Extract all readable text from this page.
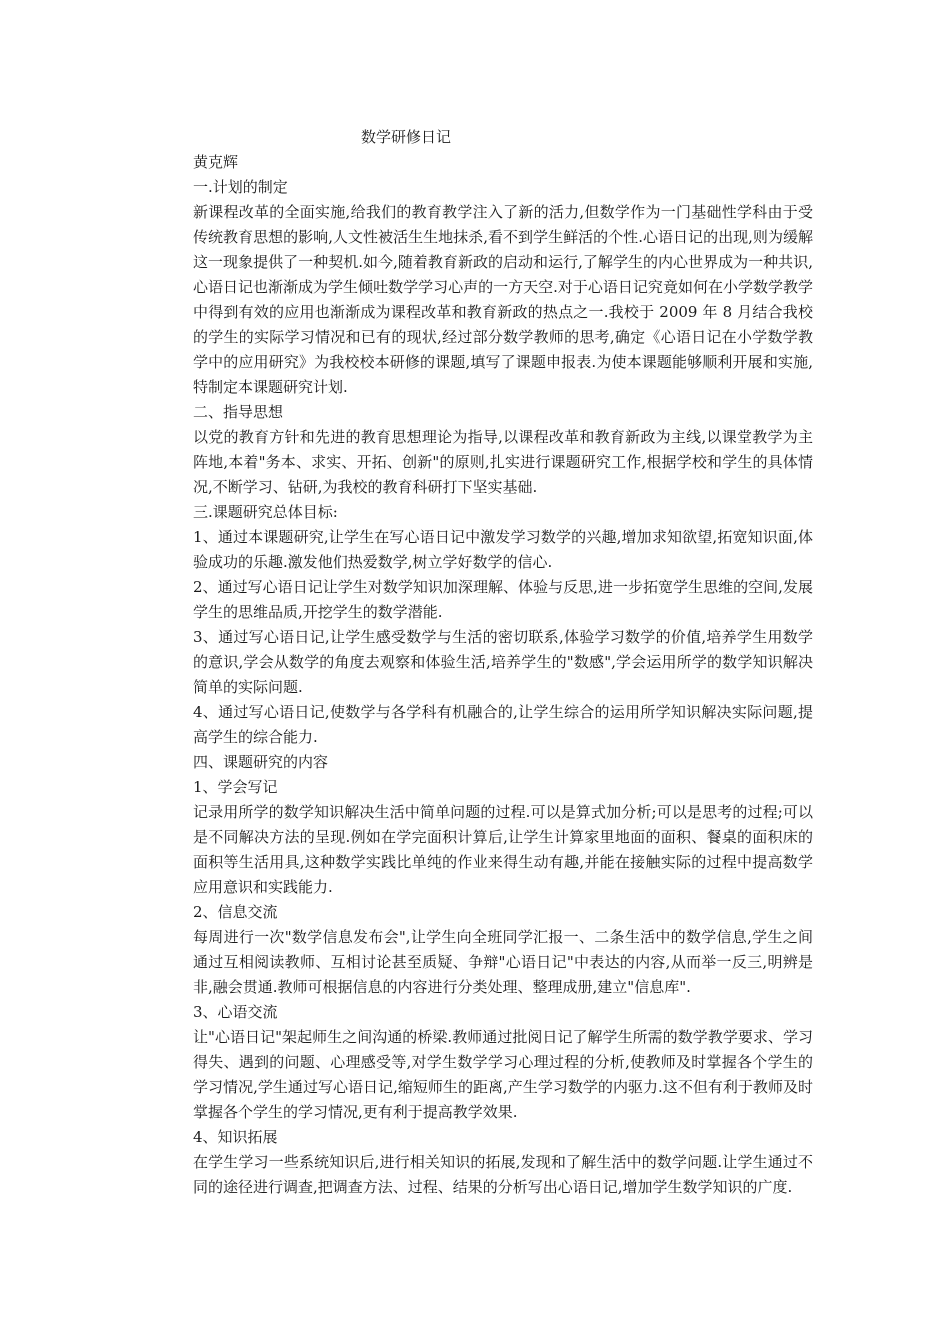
数学研修日记

黄克辉

一.计划的制定

新课程改革的全面实施,给我们的教育教学注入了新的活力,但数学作为一门基础性学科由于受传统教育思想的影响,人文性被活生生地抹杀,看不到学生鲜活的个性.心语日记的出现,则为缓解这一现象提供了一种契机.如今,随着教育新政的启动和运行,了解学生的内心世界成为一种共识,心语日记也渐渐成为学生倾吐数学学习心声的一方天空.对于心语日记究竟如何在小学数学教学中得到有效的应用也渐渐成为课程改革和教育新政的热点之一.我校于 2009 年 8 月结合我校的学生的实际学习情况和已有的现状,经过部分数学教师的思考,确定《心语日记在小学数学教学中的应用研究》为我校校本研修的课题,填写了课题申报表.为使本课题能够顺利开展和实施,特制定本课题研究计划.

二、指导思想

以党的教育方针和先进的教育思想理论为指导,以课程改革和教育新政为主线,以课堂教学为主阵地,本着"务本、求实、开拓、创新"的原则,扎实进行课题研究工作,根据学校和学生的具体情况,不断学习、钻研,为我校的教育科研打下坚实基础.

三.课题研究总体目标:

1、通过本课题研究,让学生在写心语日记中激发学习数学的兴趣,增加求知欲望,拓宽知识面,体验成功的乐趣.激发他们热爱数学,树立学好数学的信心.

2、通过写心语日记让学生对数学知识加深理解、体验与反思,进一步拓宽学生思维的空间,发展学生的思维品质,开挖学生的数学潜能.

3、通过写心语日记,让学生感受数学与生活的密切联系,体验学习数学的价值,培养学生用数学的意识,学会从数学的角度去观察和体验生活,培养学生的"数感",学会运用所学的数学知识解决简单的实际问题.

4、通过写心语日记,使数学与各学科有机融合的,让学生综合的运用所学知识解决实际问题,提高学生的综合能力.

四、课题研究的内容

1、学会写记

记录用所学的数学知识解决生活中简单问题的过程.可以是算式加分析;可以是思考的过程;可以是不同解决方法的呈现.例如在学完面积计算后,让学生计算家里地面的面积、餐桌的面积床的面积等生活用具,这种数学实践比单纯的作业来得生动有趣,并能在接触实际的过程中提高数学应用意识和实践能力.

2、信息交流

每周进行一次"数学信息发布会",让学生向全班同学汇报一、二条生活中的数学信息,学生之间通过互相阅读教师、互相讨论甚至质疑、争辩"心语日记"中表达的内容,从而举一反三,明辨是非,融会贯通.教师可根据信息的内容进行分类处理、整理成册,建立"信息库".

3、心语交流

让"心语日记"架起师生之间沟通的桥梁.教师通过批阅日记了解学生所需的数学教学要求、学习得失、遇到的问题、心理感受等,对学生数学学习心理过程的分析,使教师及时掌握各个学生的学习情况,学生通过写心语日记,缩短师生的距离,产生学习数学的内驱力.这不但有利于教师及时掌握各个学生的学习情况,更有利于提高教学效果.

4、知识拓展

在学生学习一些系统知识后,进行相关知识的拓展,发现和了解生活中的数学问题.让学生通过不同的途径进行调查,把调查方法、过程、结果的分析写出心语日记,增加学生数学知识的广度.
